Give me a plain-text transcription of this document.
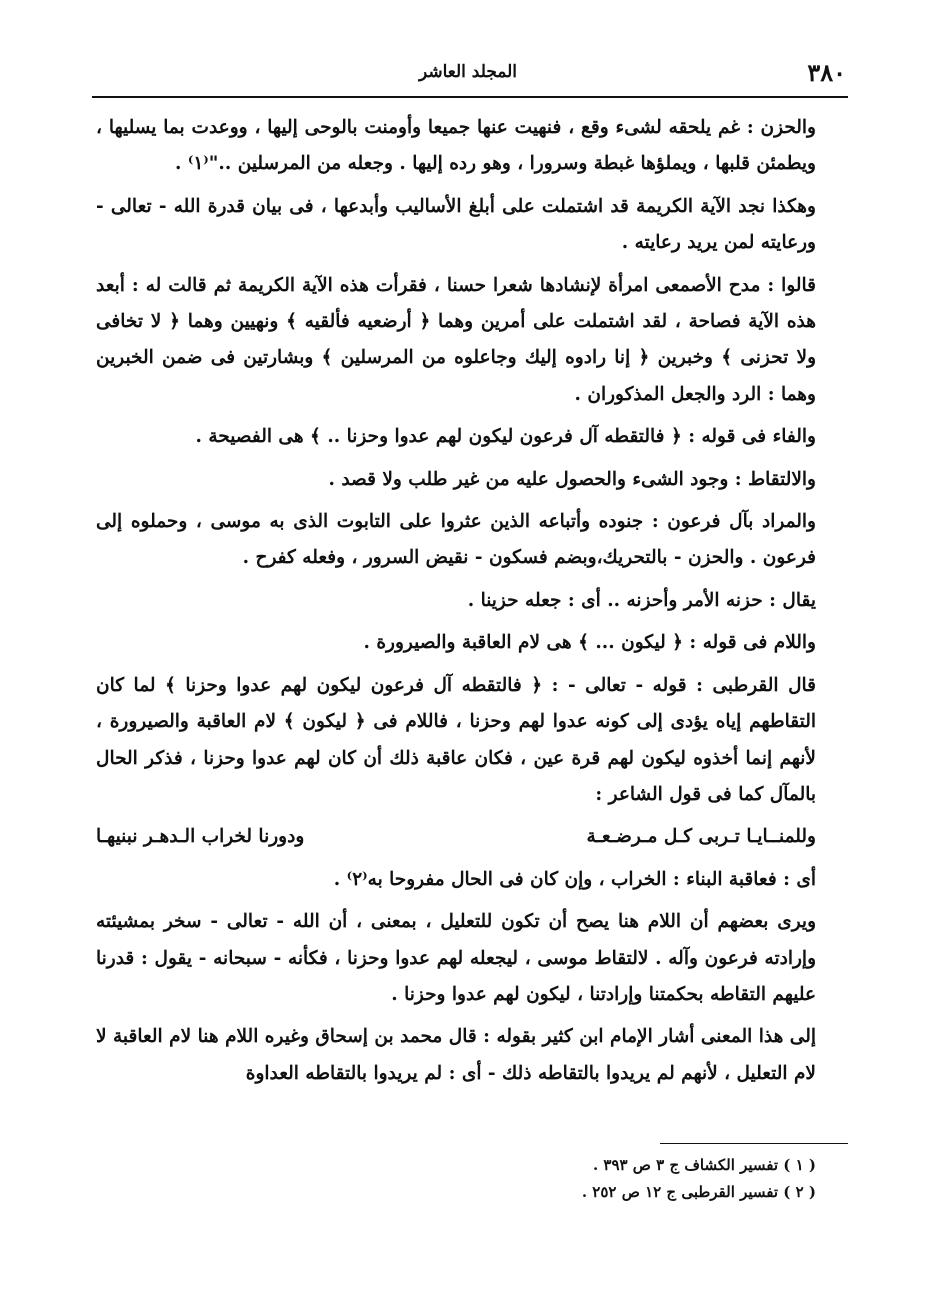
٣٨٠
المجلد العاشر

والحزن : غم يلحقه لشىء وقع ، فنهيت عنها جميعا وأومنت بالوحى إليها ، ووعدت بما يسليها ، ويطمئن قلبها ، ويملؤها غبطة وسرورا ، وهو رده إليها . وجعله من المرسلين .."⁽١⁾ .

وهكذا نجد الآية الكريمة قد اشتملت على أبلغ الأساليب وأبدعها ، فى بيان قدرة الله - تعالى - ورعايته لمن يريد رعايته .

قالوا : مدح الأصمعى امرأة لإنشادها شعرا حسنا ، فقرأت هذه الآية الكريمة ثم قالت له : أبعد هذه الآية فصاحة ، لقد اشتملت على أمرين وهما ﴿ أرضعيه فألقيه ﴾ ونهيين وهما ﴿ لا تخافى ولا تحزنى ﴾ وخبرين ﴿ إنا رادوه إليك وجاعلوه من المرسلين ﴾ وبشارتين فى ضمن الخبرين وهما : الرد والجعل المذكوران .

والفاء فى قوله : ﴿ فالتقطه آل فرعون ليكون لهم عدوا وحزنا .. ﴾ هى الفصيحة .

والالتقاط : وجود الشىء والحصول عليه من غير طلب ولا قصد .

والمراد بآل فرعون : جنوده وأتباعه الذين عثروا على التابوت الذى به موسى ، وحملوه إلى فرعون . والحزن - بالتحريك،وبضم فسكون - نقيض السرور ، وفعله كفرح .

يقال : حزنه الأمر وأحزنه .. أى : جعله حزينا .

واللام فى قوله : ﴿ ليكون ... ﴾ هى لام العاقبة والصيرورة .

قال القرطبى : قوله - تعالى - : ﴿ فالتقطه آل فرعون ليكون لهم عدوا وحزنا ﴾ لما كان التقاطهم إياه يؤدى إلى كونه عدوا لهم وحزنا ، فاللام فى ﴿ ليكون ﴾ لام العاقبة والصيرورة ، لأنهم إنما أخذوه ليكون لهم قرة عين ، فكان عاقبة ذلك أن كان لهم عدوا وحزنا ، فذكر الحال بالمآل كما فى قول الشاعر :

وللمنــايـا تـربى كـل مـرضـعـة
ودورنا لخراب الـدهـر نبنيهـا

أى : فعاقبة البناء : الخراب ، وإن كان فى الحال مفروحا به⁽٢⁾ .

ويرى بعضهم أن اللام هنا يصح أن تكون للتعليل ، بمعنى ، أن الله - تعالى - سخر بمشيئته وإرادته فرعون وآله . لالتقاط موسى ، ليجعله لهم عدوا وحزنا ، فكأنه - سبحانه - يقول : قدرنا عليهم التقاطه بحكمتنا وإرادتنا ، ليكون لهم عدوا وحزنا .

إلى هذا المعنى أشار الإمام ابن كثير بقوله : قال محمد بن إسحاق وغيره اللام هنا لام العاقبة لا لام التعليل ، لأنهم لم يريدوا بالتقاطه ذلك - أى : لم يريدوا بالتقاطه العداوة

( ١ ) تفسير الكشاف ج ٣ ص ٣٩٣ .
( ٢ ) تفسير القرطبى ج ١٢ ص ٢٥٢ .
